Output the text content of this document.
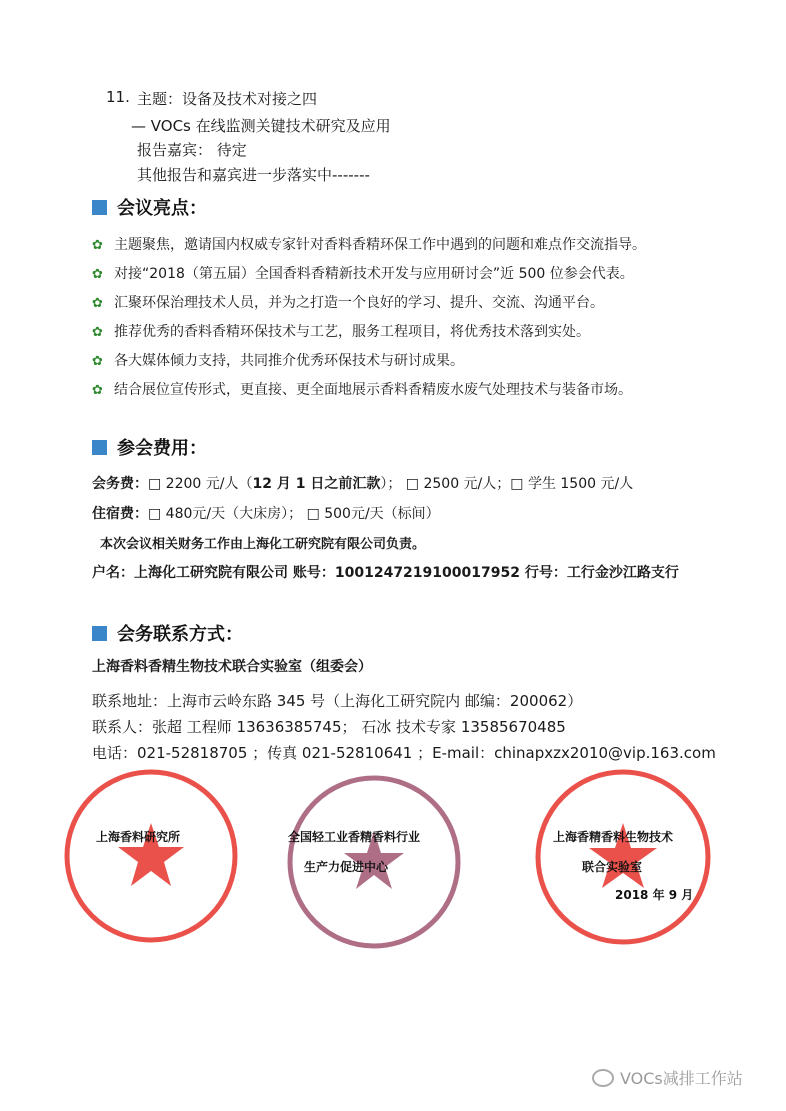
11. 主题：设备及技术对接之四
— VOCs 在线监测关键技术研究及应用
报告嘉宾： 待定
其他报告和嘉宾进一步落实中-------
会议亮点：
✿ 主题聚焦，邀请国内权威专家针对香料香精环保工作中遇到的问题和难点作交流指导。
✿ 对接“2018（第五届）全国香料香精新技术开发与应用研讨会”近 500 位参会代表。
✿ 汇聚环保治理技术人员，并为之打造一个良好的学习、提升、交流、沟通平台。
✿ 推荐优秀的香料香精环保技术与工艺，服务工程项目，将优秀技术落到实处。
✿ 各大媒体倾力支持，共同推介优秀环保技术与研讨成果。
✿ 结合展位宣传形式，更直接、更全面地展示香料香精废水废气处理技术与装备市场。
参会费用：
会务费：□ 2200 元/人（12 月 1 日之前汇款）； □ 2500 元/人；□ 学生 1500 元/人
住宿费：□ 480元/天（大床房）； □ 500元/天（标间）
本次会议相关财务工作由上海化工研究院有限公司负责。
户名：上海化工研究院有限公司 账号：1001247219100017952 行号：工行金沙江路支行
会务联系方式：
上海香料香精生物技术联合实验室（组委会）
联系地址：上海市云岭东路 345 号（上海化工研究院内 邮编：200062）
联系人：张超 工程师 13636385745； 石冰 技术专家 13585670485
电话：021-52818705 ；传真 021-52810641 ；E-mail：chinapxzx2010@vip.163.com
上海香料研究所	全国轻工业香精香料行业
生产力促进中心
上海香精香料生物技术
联合实验室
2018 年 9 月
VOCs减排工作站
